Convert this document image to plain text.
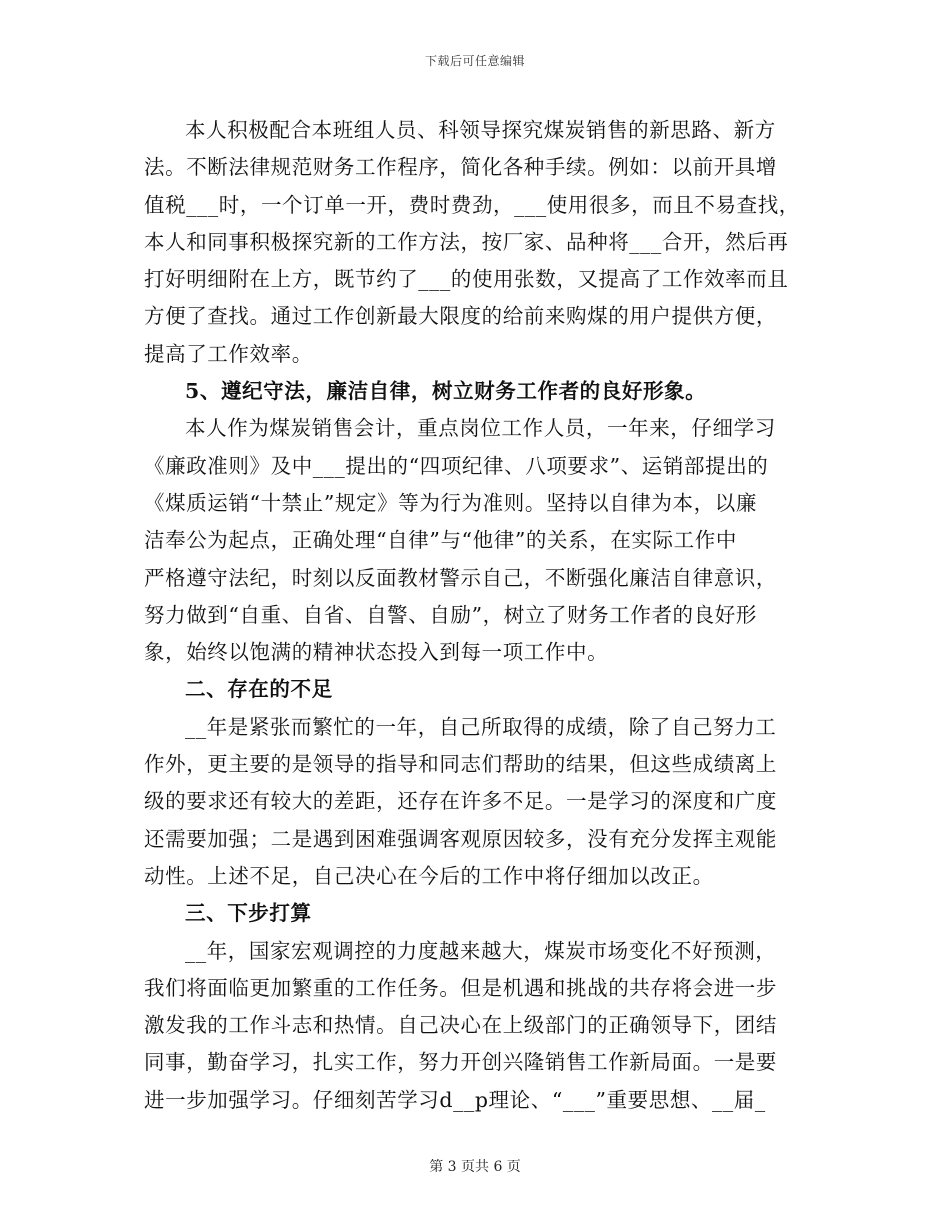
下载后可任意编辑
本人积极配合本班组人员、科领导探究煤炭销售的新思路、新方
法。不断法律规范财务工作程序，简化各种手续。例如：以前开具增
值税___时，一个订单一开，费时费劲，___使用很多，而且不易查找，
本人和同事积极探究新的工作方法，按厂家、品种将___合开，然后再
打好明细附在上方，既节约了___的使用张数，又提高了工作效率而且
方便了查找。通过工作创新最大限度的给前来购煤的用户提供方便，
提高了工作效率。
5、遵纪守法，廉洁自律，树立财务工作者的良好形象。
本人作为煤炭销售会计，重点岗位工作人员，一年来，仔细学习
《廉政准则》及中___提出的“四项纪律、八项要求”、运销部提出的
《煤质运销“十禁止”规定》等为行为准则。坚持以自律为本，以廉
洁奉公为起点，正确处理“自律”与“他律”的关系，在实际工作中
严格遵守法纪，时刻以反面教材警示自己，不断强化廉洁自律意识，
努力做到“自重、自省、自警、自励”，树立了财务工作者的良好形
象，始终以饱满的精神状态投入到每一项工作中。
二、存在的不足
__年是紧张而繁忙的一年，自己所取得的成绩，除了自己努力工
作外，更主要的是领导的指导和同志们帮助的结果，但这些成绩离上
级的要求还有较大的差距，还存在许多不足。一是学习的深度和广度
还需要加强；二是遇到困难强调客观原因较多，没有充分发挥主观能
动性。上述不足，自己决心在今后的工作中将仔细加以改正。
三、下步打算
__年，国家宏观调控的力度越来越大，煤炭市场变化不好预测，
我们将面临更加繁重的工作任务。但是机遇和挑战的共存将会进一步
激发我的工作斗志和热情。自己决心在上级部门的正确领导下，团结
同事，勤奋学习，扎实工作，努力开创兴隆销售工作新局面。一是要
进一步加强学习。仔细刻苦学习d__p理论、“___”重要思想、__届_
第 3 页共 6 页
